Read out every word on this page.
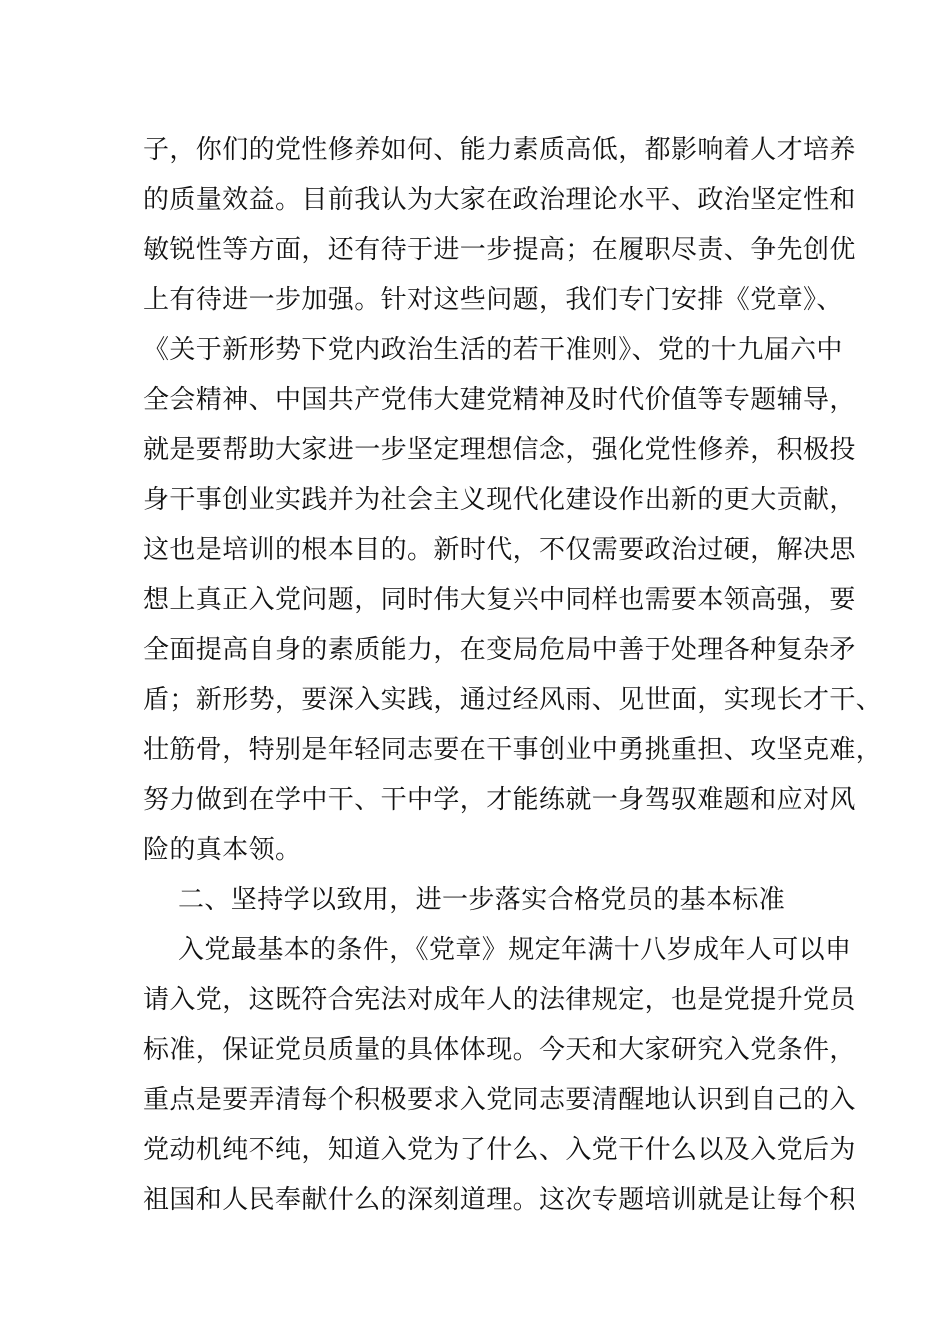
子，你们的党性修养如何、能力素质高低，都影响着人才培养
的质量效益。目前我认为大家在政治理论水平、政治坚定性和
敏锐性等方面，还有待于进一步提高；在履职尽责、争先创优
上有待进一步加强。针对这些问题，我们专门安排《党章》、
《关于新形势下党内政治生活的若干准则》、党的十九届六中
全会精神、中国共产党伟大建党精神及时代价值等专题辅导，
就是要帮助大家进一步坚定理想信念，强化党性修养，积极投
身干事创业实践并为社会主义现代化建设作出新的更大贡献，
这也是培训的根本目的。新时代，不仅需要政治过硬，解决思
想上真正入党问题，同时伟大复兴中同样也需要本领高强，要
全面提高自身的素质能力，在变局危局中善于处理各种复杂矛
盾；新形势，要深入实践，通过经风雨、见世面，实现长才干、
壮筋骨，特别是年轻同志要在干事创业中勇挑重担、攻坚克难，
努力做到在学中干、干中学，才能练就一身驾驭难题和应对风
险的真本领。
二、坚持学以致用，进一步落实合格党员的基本标准
入党最基本的条件，《党章》规定年满十八岁成年人可以申
请入党，这既符合宪法对成年人的法律规定，也是党提升党员
标准，保证党员质量的具体体现。今天和大家研究入党条件，
重点是要弄清每个积极要求入党同志要清醒地认识到自己的入
党动机纯不纯，知道入党为了什么、入党干什么以及入党后为
祖国和人民奉献什么的深刻道理。这次专题培训就是让每个积
